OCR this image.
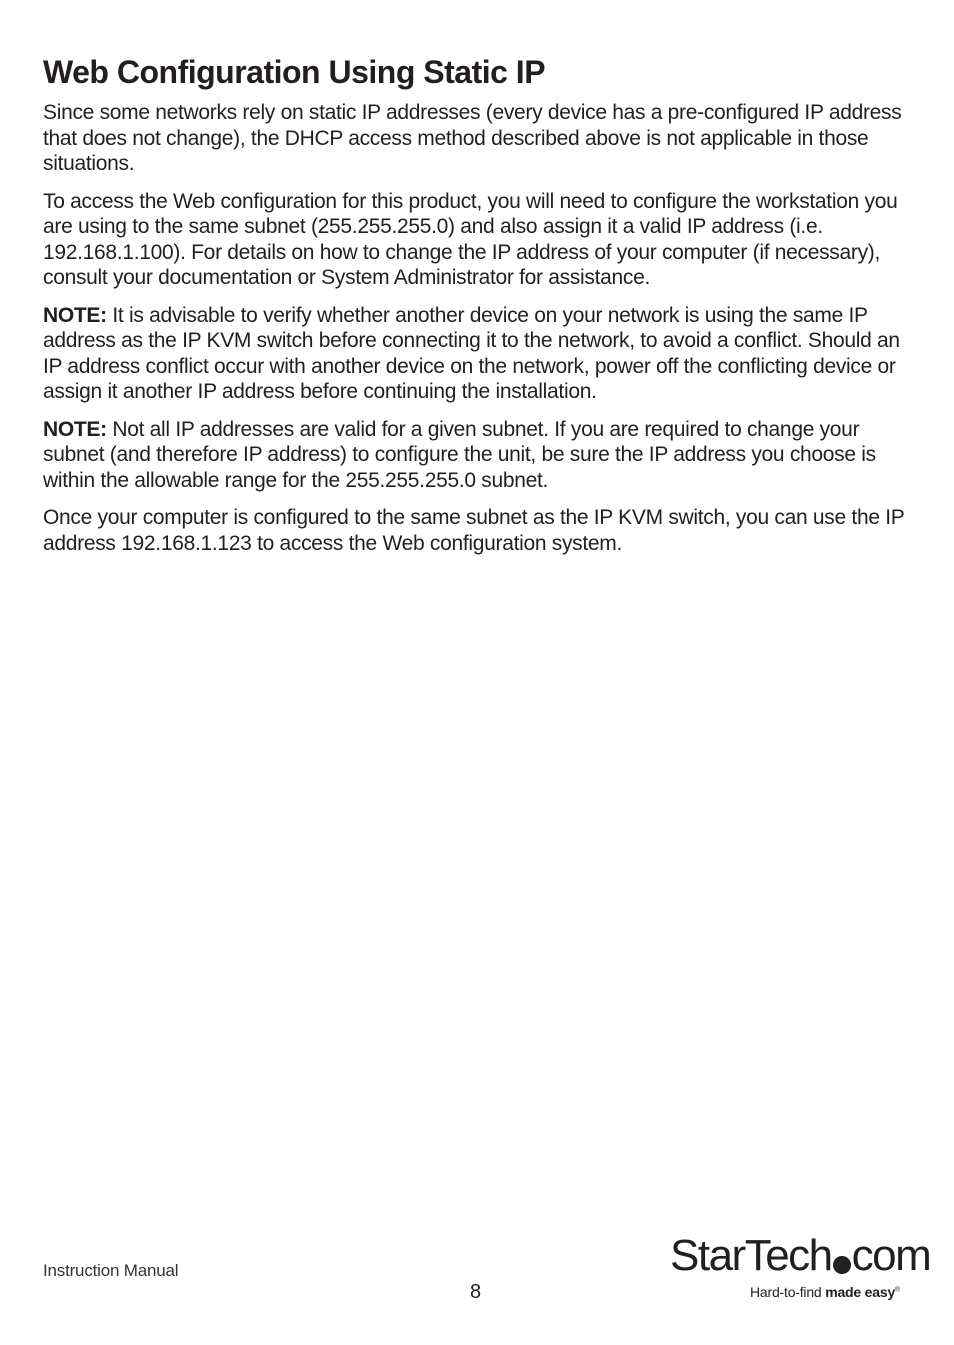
Web Configuration Using Static IP

Since some networks rely on static IP addresses (every device has a pre-configured IP address that does not change), the DHCP access method described above is not applicable in those situations.

To access the Web configuration for this product, you will need to configure the workstation you are using to the same subnet (255.255.255.0) and also assign it a valid IP address (i.e. 192.168.1.100). For details on how to change the IP address of your computer (if necessary), consult your documentation or System Administrator for assistance.

NOTE: It is advisable to verify whether another device on your network is using the same IP address as the IP KVM switch before connecting it to the network, to avoid a conflict. Should an IP address conflict occur with another device on the network, power off the conflicting device or assign it another IP address before continuing the installation.

NOTE: Not all IP addresses are valid for a given subnet. If you are required to change your subnet (and therefore IP address) to configure the unit, be sure the IP address you choose is within the allowable range for the 255.255.255.0 subnet.

Once your computer is configured to the same subnet as the IP KVM switch, you can use the IP address 192.168.1.123 to access the Web configuration system.

Instruction Manual
8
StarTech com
Hard-to-find made easy®
